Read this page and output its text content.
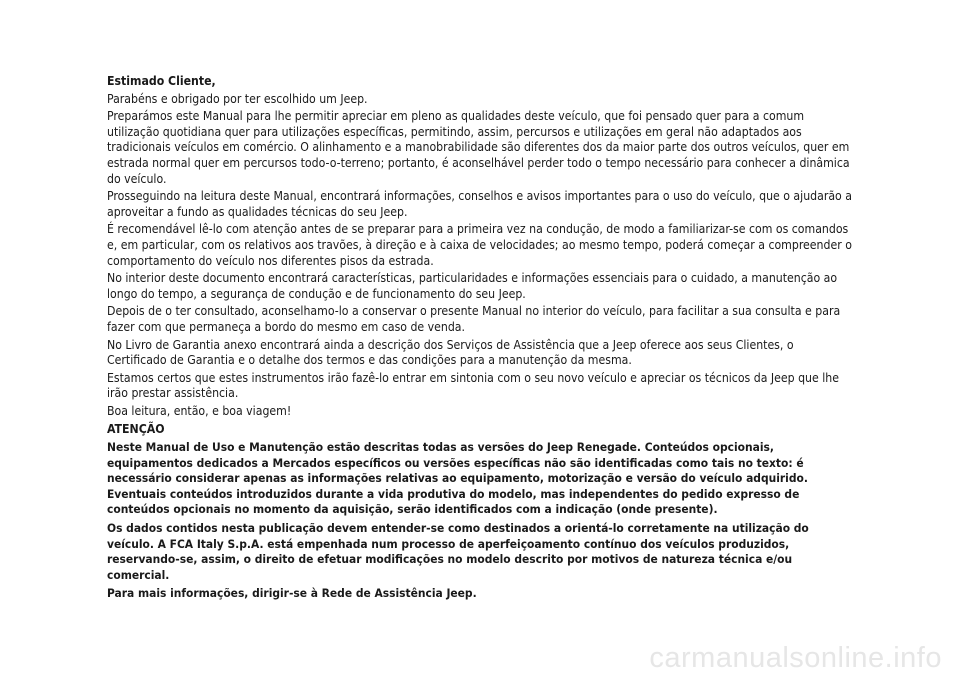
Estimado Cliente,

Parabéns e obrigado por ter escolhido um Jeep.

Preparámos este Manual para lhe permitir apreciar em pleno as qualidades deste veículo, que foi pensado quer para a comum utilização quotidiana quer para utilizações específicas, permitindo, assim, percursos e utilizações em geral não adaptados aos tradicionais veículos em comércio. O alinhamento e a manobrabilidade são diferentes dos da maior parte dos outros veículos, quer em estrada normal quer em percursos todo-o-terreno; portanto, é aconselhável perder todo o tempo necessário para conhecer a dinâmica do veículo.

Prosseguindo na leitura deste Manual, encontrará informações, conselhos e avisos importantes para o uso do veículo, que o ajudarão a aproveitar a fundo as qualidades técnicas do seu Jeep.

É recomendável lê-lo com atenção antes de se preparar para a primeira vez na condução, de modo a familiarizar-se com os comandos e, em particular, com os relativos aos travões, à direção e à caixa de velocidades; ao mesmo tempo, poderá começar a compreender o comportamento do veículo nos diferentes pisos da estrada.

No interior deste documento encontrará características, particularidades e informações essenciais para o cuidado, a manutenção ao longo do tempo, a segurança de condução e de funcionamento do seu Jeep.

Depois de o ter consultado, aconselhamo-lo a conservar o presente Manual no interior do veículo, para facilitar a sua consulta e para fazer com que permaneça a bordo do mesmo em caso de venda.

No Livro de Garantia anexo encontrará ainda a descrição dos Serviços de Assistência que a Jeep oferece aos seus Clientes, o Certificado de Garantia e o detalhe dos termos e das condições para a manutenção da mesma.

Estamos certos que estes instrumentos irão fazê-lo entrar em sintonia com o seu novo veículo e apreciar os técnicos da Jeep que lhe irão prestar assistência.

Boa leitura, então, e boa viagem!

ATENÇÃO

Neste Manual de Uso e Manutenção estão descritas todas as versões do Jeep Renegade. Conteúdos opcionais, equipamentos dedicados a Mercados específicos ou versões específicas não são identificadas como tais no texto: é necessário considerar apenas as informações relativas ao equipamento, motorização e versão do veículo adquirido. Eventuais conteúdos introduzidos durante a vida produtiva do modelo, mas independentes do pedido expresso de conteúdos opcionais no momento da aquisição, serão identificados com a indicação (onde presente).

Os dados contidos nesta publicação devem entender-se como destinados a orientá-lo corretamente na utilização do veículo. A FCA Italy S.p.A. está empenhada num processo de aperfeiçoamento contínuo dos veículos produzidos, reservando-se, assim, o direito de efetuar modificações no modelo descrito por motivos de natureza técnica e/ou comercial.

Para mais informações, dirigir-se à Rede de Assistência Jeep.

carmanualsonline.info
